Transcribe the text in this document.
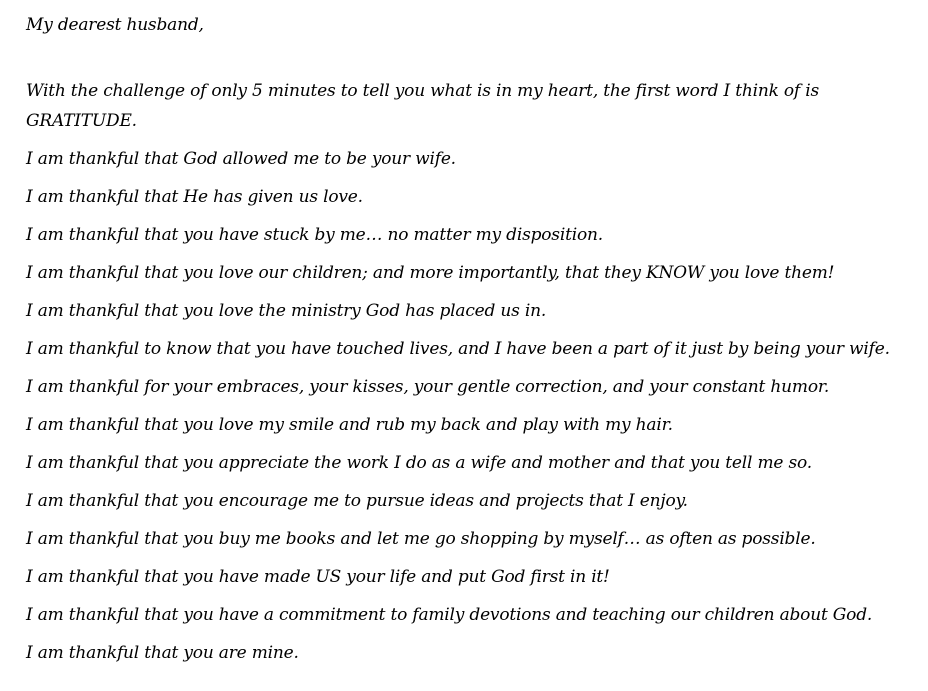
My dearest husband,

With the challenge of only 5 minutes to tell you what is in my heart, the first word I think of is GRATITUDE.

I am thankful that God allowed me to be your wife.
I am thankful that He has given us love.
I am thankful that you have stuck by me… no matter my disposition.
I am thankful that you love our children; and more importantly, that they KNOW you love them!
I am thankful that you love the ministry God has placed us in.
I am thankful to know that you have touched lives, and I have been a part of it just by being your wife.
I am thankful for your embraces, your kisses, your gentle correction, and your constant humor.
I am thankful that you love my smile and rub my back and play with my hair.
I am thankful that you appreciate the work I do as a wife and mother and that you tell me so.
I am thankful that you encourage me to pursue ideas and projects that I enjoy.
I am thankful that you buy me books and let me go shopping by myself… as often as possible.
I am thankful that you have made US your life and put God first in it!
I am thankful that you have a commitment to family devotions and teaching our children about God.
I am thankful that you are mine.
